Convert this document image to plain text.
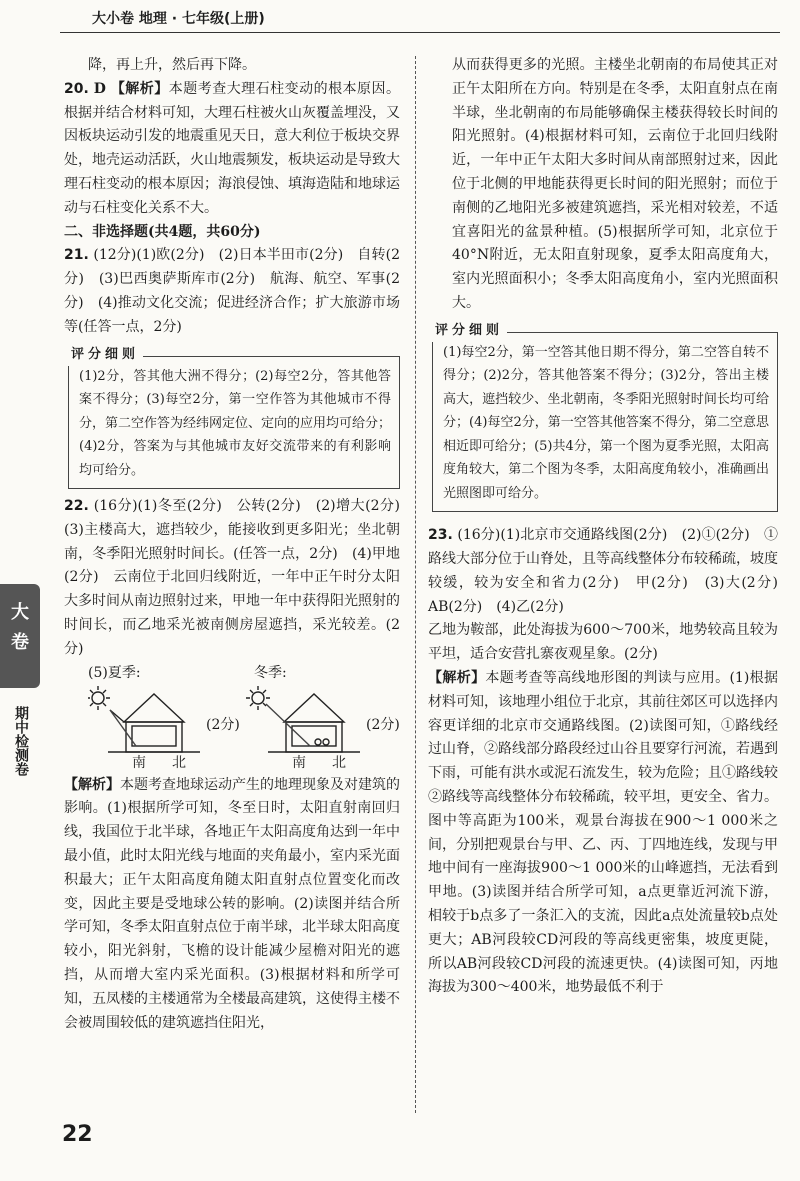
大小卷 地理 · 七年级(上册)
大
卷
期中检测卷

降，再上升，然后再下降。

20. D 【解析】本题考查大理石柱变动的根本原因。根据并结合材料可知，大理石柱被火山灰覆盖埋没，又因板块运动引发的地震重见天日，意大利位于板块交界处，地壳运动活跃，火山地震频发，板块运动是导致大理石柱变动的根本原因；海浪侵蚀、填海造陆和地球运动与石柱变化关系不大。

二、非选择题(共4题，共60分)

21. (12分)(1)欧(2分)　(2)日本半田市(2分)　自转(2分)　(3)巴西奥萨斯库市(2分)　航海、航空、军事(2分)　(4)推动文化交流；促进经济合作；扩大旅游市场等(任答一点，2分)

评分细则
(1)2分，答其他大洲不得分；(2)每空2分，答其他答案不得分；(3)每空2分，第一空作答为其他城市不得分，第二空作答为经纬网定位、定向的应用均可给分；(4)2分，答案为与其他城市友好交流带来的有利影响均可给分。

22. (16分)(1)冬至(2分)　公转(2分)　(2)增大(2分)　(3)主楼高大，遮挡较少，能接收到更多阳光；坐北朝南，冬季阳光照射时间长。(任答一点，2分)　(4)甲地(2分)　云南位于北回归线附近，一年中正午时分太阳大多时间从南边照射过来，甲地一年中获得阳光照射的时间长，而乙地采光被南侧房屋遮挡，采光较差。(2分)

(5)夏季:	冬季:
(2分)	(2分)
南 北	南 北

【解析】本题考查地球运动产生的地理现象及对建筑的影响。(1)根据所学可知，冬至日时，太阳直射南回归线，我国位于北半球，各地正午太阳高度角达到一年中最小值，此时太阳光线与地面的夹角最小，室内采光面积最大；正午太阳高度角随太阳直射点位置变化而改变，因此主要是受地球公转的影响。(2)读图并结合所学可知，冬季太阳直射点位于南半球，北半球太阳高度较小，阳光斜射，飞檐的设计能减少屋檐对阳光的遮挡，从而增大室内采光面积。(3)根据材料和所学可知，五凤楼的主楼通常为全楼最高建筑，这使得主楼不会被周围较低的建筑遮挡住阳光，

从而获得更多的光照。主楼坐北朝南的布局使其正对正午太阳所在方向。特别是在冬季，太阳直射点在南半球，坐北朝南的布局能够确保主楼获得较长时间的阳光照射。(4)根据材料可知，云南位于北回归线附近，一年中正午太阳大多时间从南部照射过来，因此位于北侧的甲地能获得更长时间的阳光照射；而位于南侧的乙地阳光多被建筑遮挡，采光相对较差，不适宜喜阳光的盆景种植。(5)根据所学可知，北京位于40°N附近，无太阳直射现象，夏季太阳高度角大，室内光照面积小；冬季太阳高度角小，室内光照面积大。

评分细则
(1)每空2分，第一空答其他日期不得分，第二空答自转不得分；(2)2分，答其他答案不得分；(3)2分，答出主楼高大，遮挡较少、坐北朝南，冬季阳光照射时间长均可给分；(4)每空2分，第一空答其他答案不得分，第二空意思相近即可给分；(5)共4分，第一个图为夏季光照，太阳高度角较大，第二个图为冬季，太阳高度角较小，准确画出光照图即可给分。

23. (16分)(1)北京市交通路线图(2分)　(2)①(2分)　①路线大部分位于山脊处，且等高线整体分布较稀疏，坡度较缓，较为安全和省力(2分)　甲(2分)　(3)大(2分)　AB(2分)　(4)乙(2分)

乙地为鞍部，此处海拔为600～700米，地势较高且较为平坦，适合安营扎寨夜观星象。(2分)

【解析】本题考查等高线地形图的判读与应用。(1)根据材料可知，该地理小组位于北京，其前往郊区可以选择内容更详细的北京市交通路线图。(2)读图可知，①路线经过山脊，②路线部分路段经过山谷且要穿行河流，若遇到下雨，可能有洪水或泥石流发生，较为危险；且①路线较②路线等高线整体分布较稀疏，较平坦，更安全、省力。图中等高距为100米，观景台海拔在900～1 000米之间，分别把观景台与甲、乙、丙、丁四地连线，发现与甲地中间有一座海拔900～1 000米的山峰遮挡，无法看到甲地。(3)读图并结合所学可知，a点更靠近河流下游，相较于b点多了一条汇入的支流，因此a点处流量较b点处更大；AB河段较CD河段的等高线更密集，坡度更陡，所以AB河段较CD河段的流速更快。(4)读图可知，丙地海拔为300～400米，地势最低不利于

22
